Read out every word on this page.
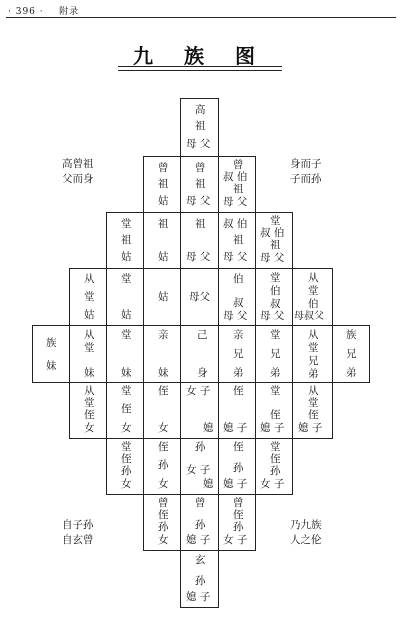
· 396 · 附录
九 族 图
高曾祖
父而身
身而子
子而孙
自子孙
自玄曾
乃九族
人之伦
高
祖
母 父
曾
祖
姑
曾
祖
母 父
曾
叔 伯
祖
母 父
堂
祖
姑
祖
姑
祖
母 父
叔 伯
祖
母 父
堂
叔 伯
祖
母 父
从
堂
姑
堂
姑
姑 母父
伯
叔
母 父
堂
伯
叔
母 父
从
堂
伯
母叔父
族
妹
从
堂
妹
堂
妹
亲
妹
己
身
亲
兄
弟
堂
兄
弟
从
堂
兄
弟
族
兄
弟
从
堂
侄
女
堂
侄
女
侄
女
女 子
媳
侄
媳 子
堂
侄
媳 子
从
堂
侄
媳 子
堂
侄
孙
女
侄
孙
女
孙
女 子
媳
侄
孙
媳 子
堂
侄
孙
女 子
曾
侄
孙
女
曾
孙
媳 子
曾
侄
孙
女 子
玄
孙
媳 子
